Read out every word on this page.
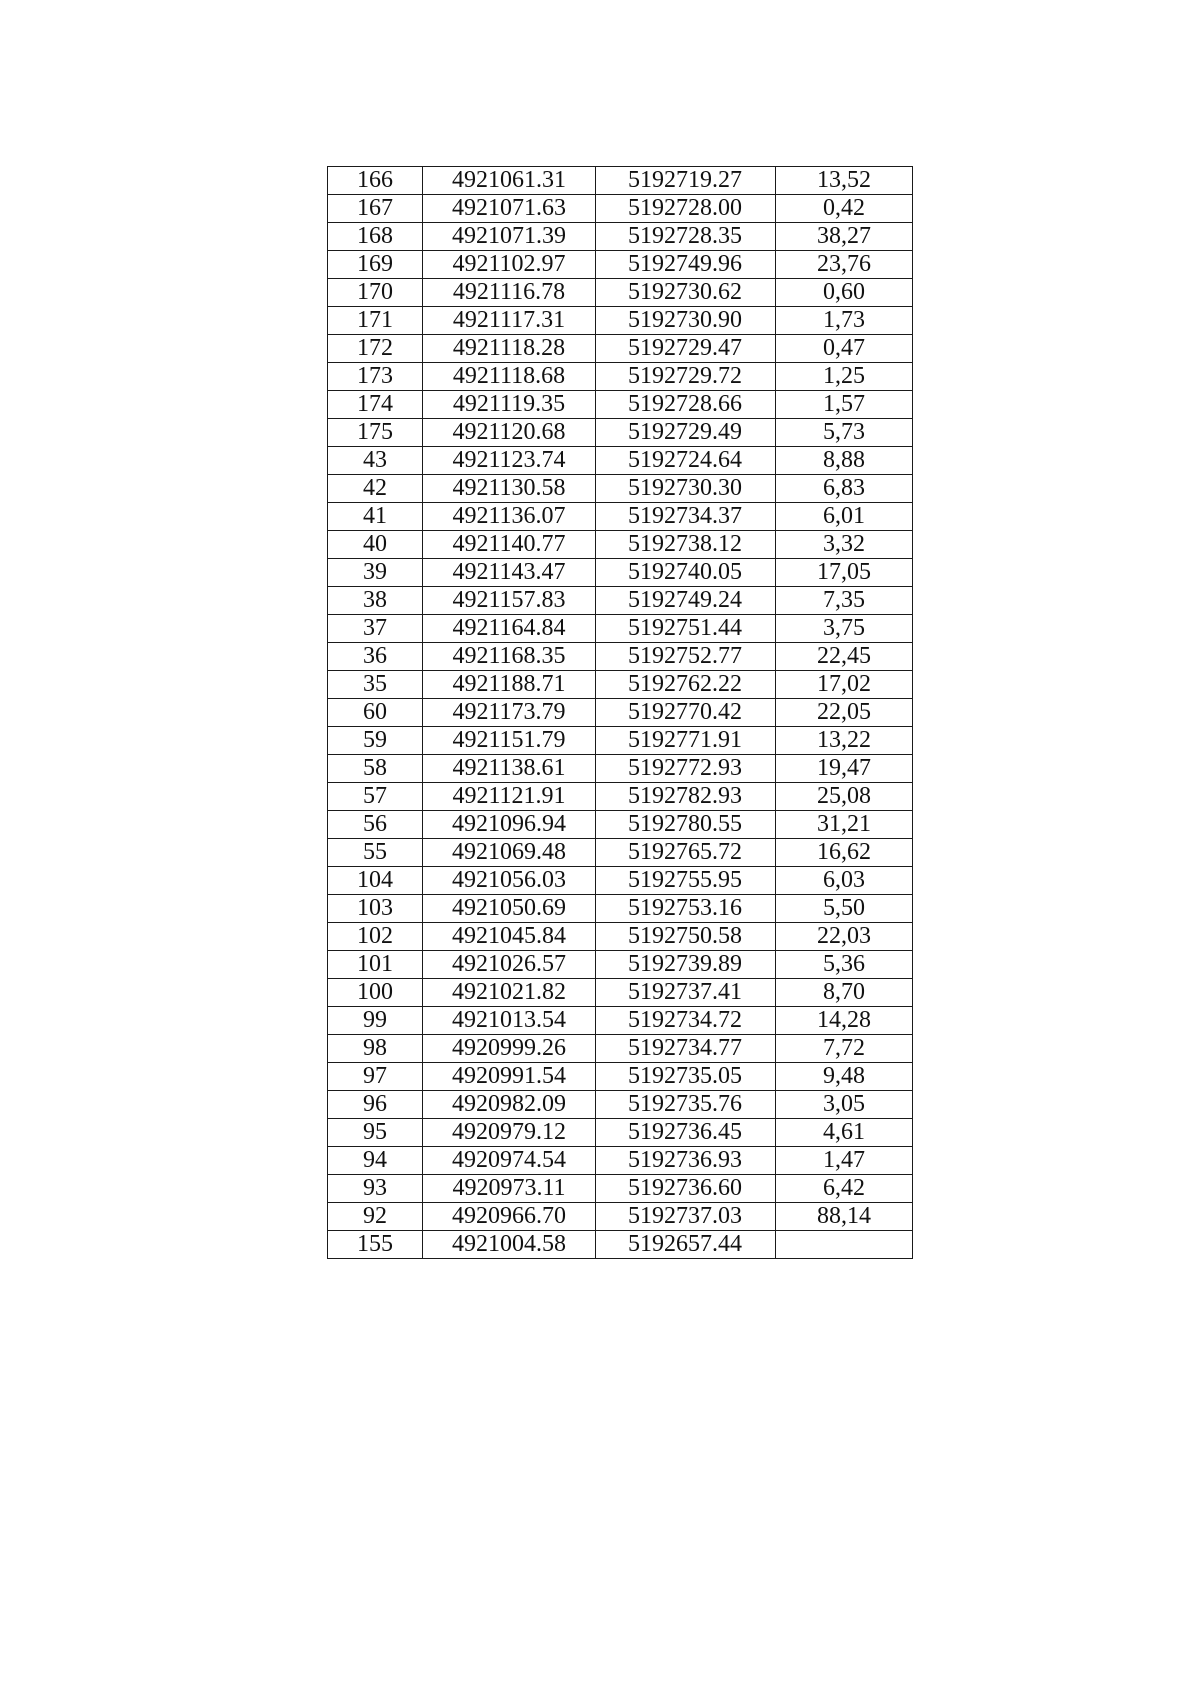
166	4921061.31	5192719.27	13,52
167	4921071.63	5192728.00	0,42
168	4921071.39	5192728.35	38,27
169	4921102.97	5192749.96	23,76
170	4921116.78	5192730.62	0,60
171	4921117.31	5192730.90	1,73
172	4921118.28	5192729.47	0,47
173	4921118.68	5192729.72	1,25
174	4921119.35	5192728.66	1,57
175	4921120.68	5192729.49	5,73
43	4921123.74	5192724.64	8,88
42	4921130.58	5192730.30	6,83
41	4921136.07	5192734.37	6,01
40	4921140.77	5192738.12	3,32
39	4921143.47	5192740.05	17,05
38	4921157.83	5192749.24	7,35
37	4921164.84	5192751.44	3,75
36	4921168.35	5192752.77	22,45
35	4921188.71	5192762.22	17,02
60	4921173.79	5192770.42	22,05
59	4921151.79	5192771.91	13,22
58	4921138.61	5192772.93	19,47
57	4921121.91	5192782.93	25,08
56	4921096.94	5192780.55	31,21
55	4921069.48	5192765.72	16,62
104	4921056.03	5192755.95	6,03
103	4921050.69	5192753.16	5,50
102	4921045.84	5192750.58	22,03
101	4921026.57	5192739.89	5,36
100	4921021.82	5192737.41	8,70
99	4921013.54	5192734.72	14,28
98	4920999.26	5192734.77	7,72
97	4920991.54	5192735.05	9,48
96	4920982.09	5192735.76	3,05
95	4920979.12	5192736.45	4,61
94	4920974.54	5192736.93	1,47
93	4920973.11	5192736.60	6,42
92	4920966.70	5192737.03	88,14
155	4921004.58	5192657.44	
